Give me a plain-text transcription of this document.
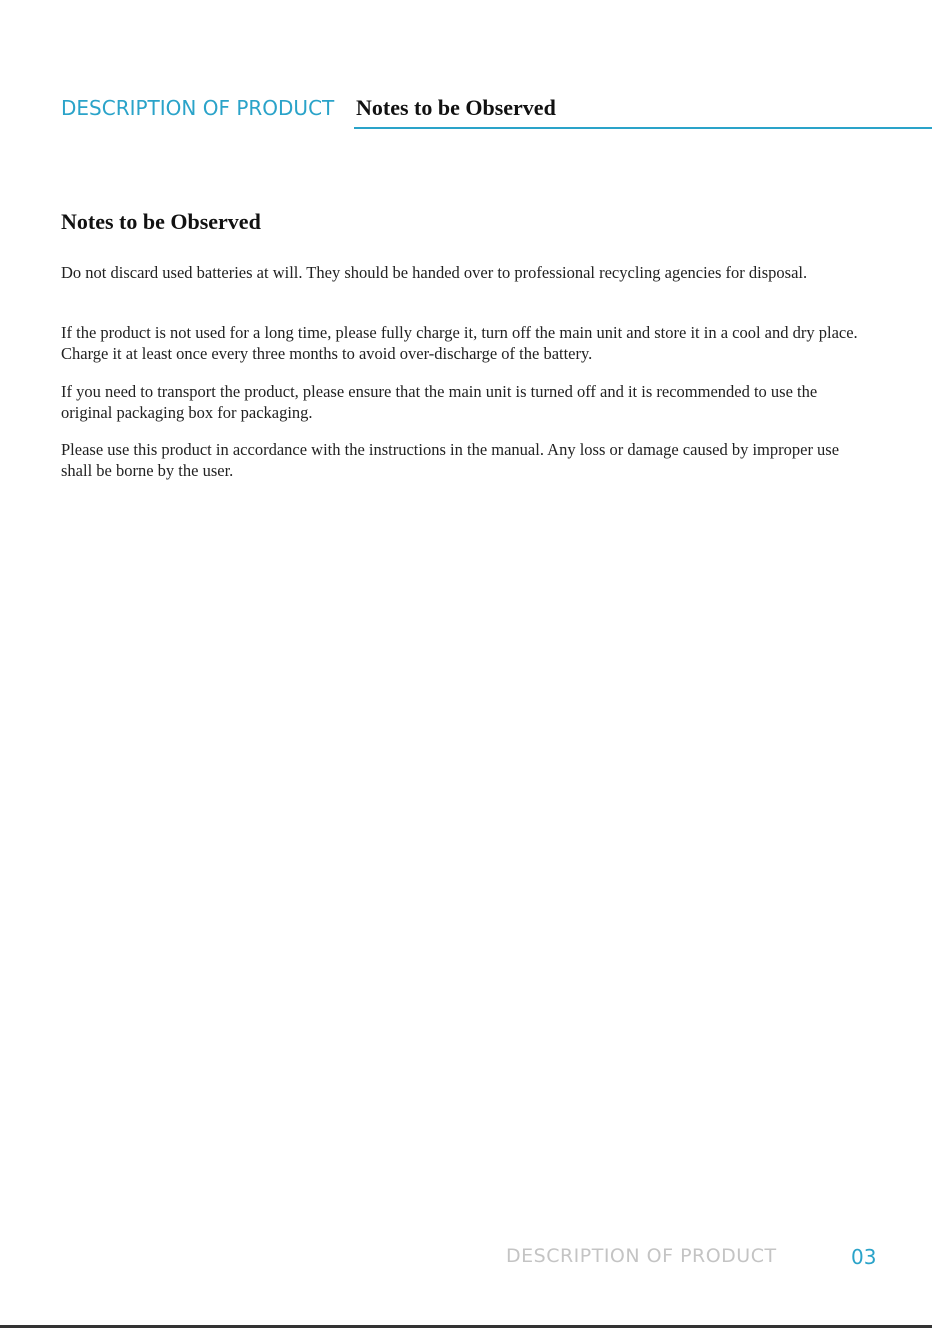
DESCRIPTION OF PRODUCT Notes to be Observed
Notes to be Observed

Do not discard used batteries at will. They should be handed over to professional recycling agencies for disposal.

If the product is not used for a long time, please fully charge it, turn off the main unit and store it in a cool and dry place. Charge it at least once every three months to avoid over-discharge of the battery.

If you need to transport the product, please ensure that the main unit is turned off and it is recommended to use the original packaging box for packaging.

Please use this product in accordance with the instructions in the manual. Any loss or damage caused by improper use shall be borne by the user.

DESCRIPTION OF PRODUCT	03
